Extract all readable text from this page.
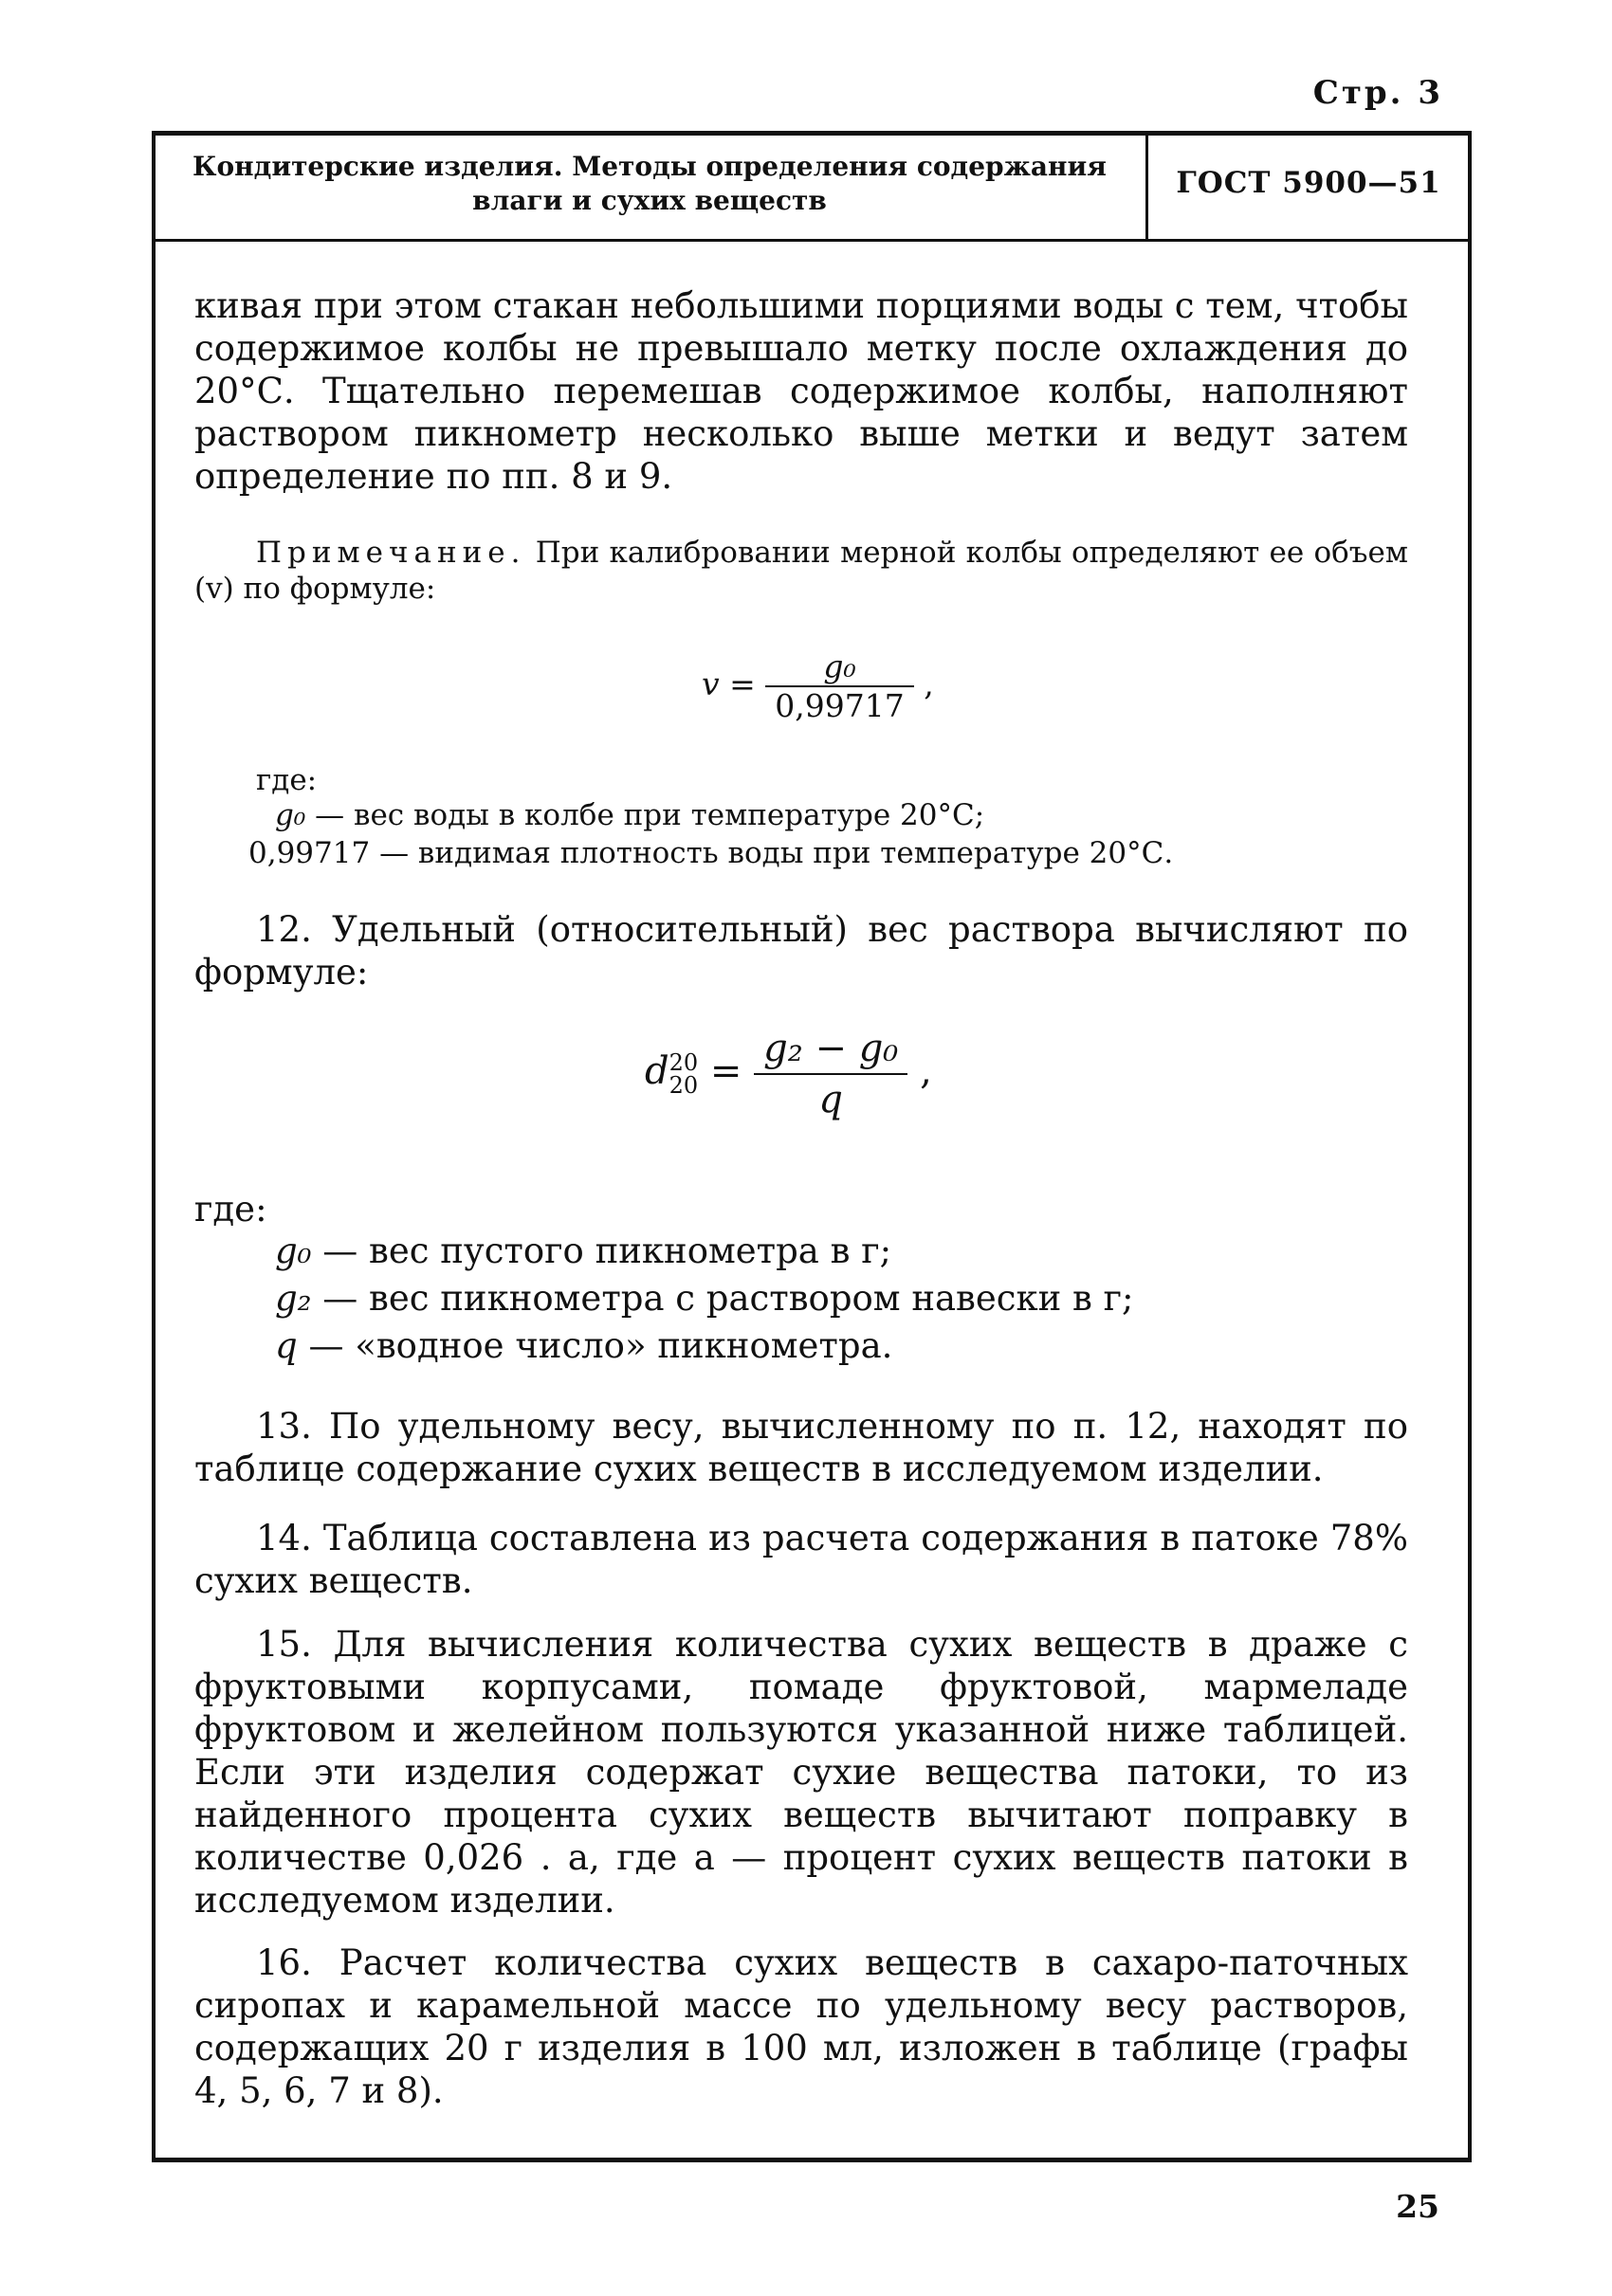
Стр. 3
Кондитерские изделия. Методы определения содержания
влаги и сухих веществ
ГОСТ 5900—51

кивая при этом стакан небольшими порциями воды с тем, чтобы содержимое колбы не превышало метку после охлаждения до 20°С. Тщательно перемешав содержимое колбы, наполняют раствором пикнометр несколько выше метки и ведут затем определение по пп. 8 и 9.

Примечание. При калибровании мерной колбы определяют ее объем (v) по формуле:

$v = \frac{\text{g₀}}{0,99717}$ ,
где:
g₀ — вес воды в колбе при температуре 20°С;
0,99717 — видимая плотность воды при температуре 20°С.

12. Удельный (относительный) вес раствора вычисляют по формуле:

d 20
$20 = \frac{\text{g₂ − g₀}}{q}$ ,
где:
g₀ — вес пустого пикнометра в г;
g₂ — вес пикнометра с раствором навески в г;
q — «водное число» пикнометра.

13. По удельному весу, вычисленному по п. 12, находят по таблице содержание сухих веществ в исследуемом изделии.

14. Таблица составлена из расчета содержания в патоке 78% сухих веществ.

15. Для вычисления количества сухих веществ в драже с фруктовыми корпусами, помаде фруктовой, мармеладе фруктовом и желейном пользуются указанной ниже таблицей. Если эти изделия содержат сухие вещества патоки, то из найденного процента сухих веществ вычитают поправку в количестве 0,026 . a, где a — процент сухих веществ патоки в исследуемом изделии.

16. Расчет количества сухих веществ в сахаро-паточных сиропах и карамельной массе по удельному весу растворов, содержащих 20 г изделия в 100 мл, изложен в таблице (графы 4, 5, 6, 7 и 8).

25
